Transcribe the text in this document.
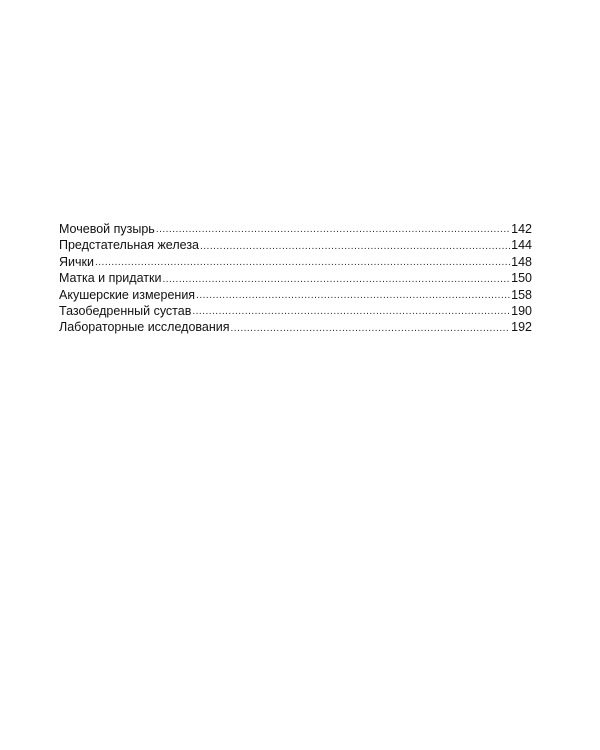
Мочевой пузырь .....	142
Предстательная железа .....	144
Яички .....	148
Матка и придатки .....	150
Акушерские измерения .....	158
Тазобедренный сустав .....	190
Лабораторные исследования .....	192
